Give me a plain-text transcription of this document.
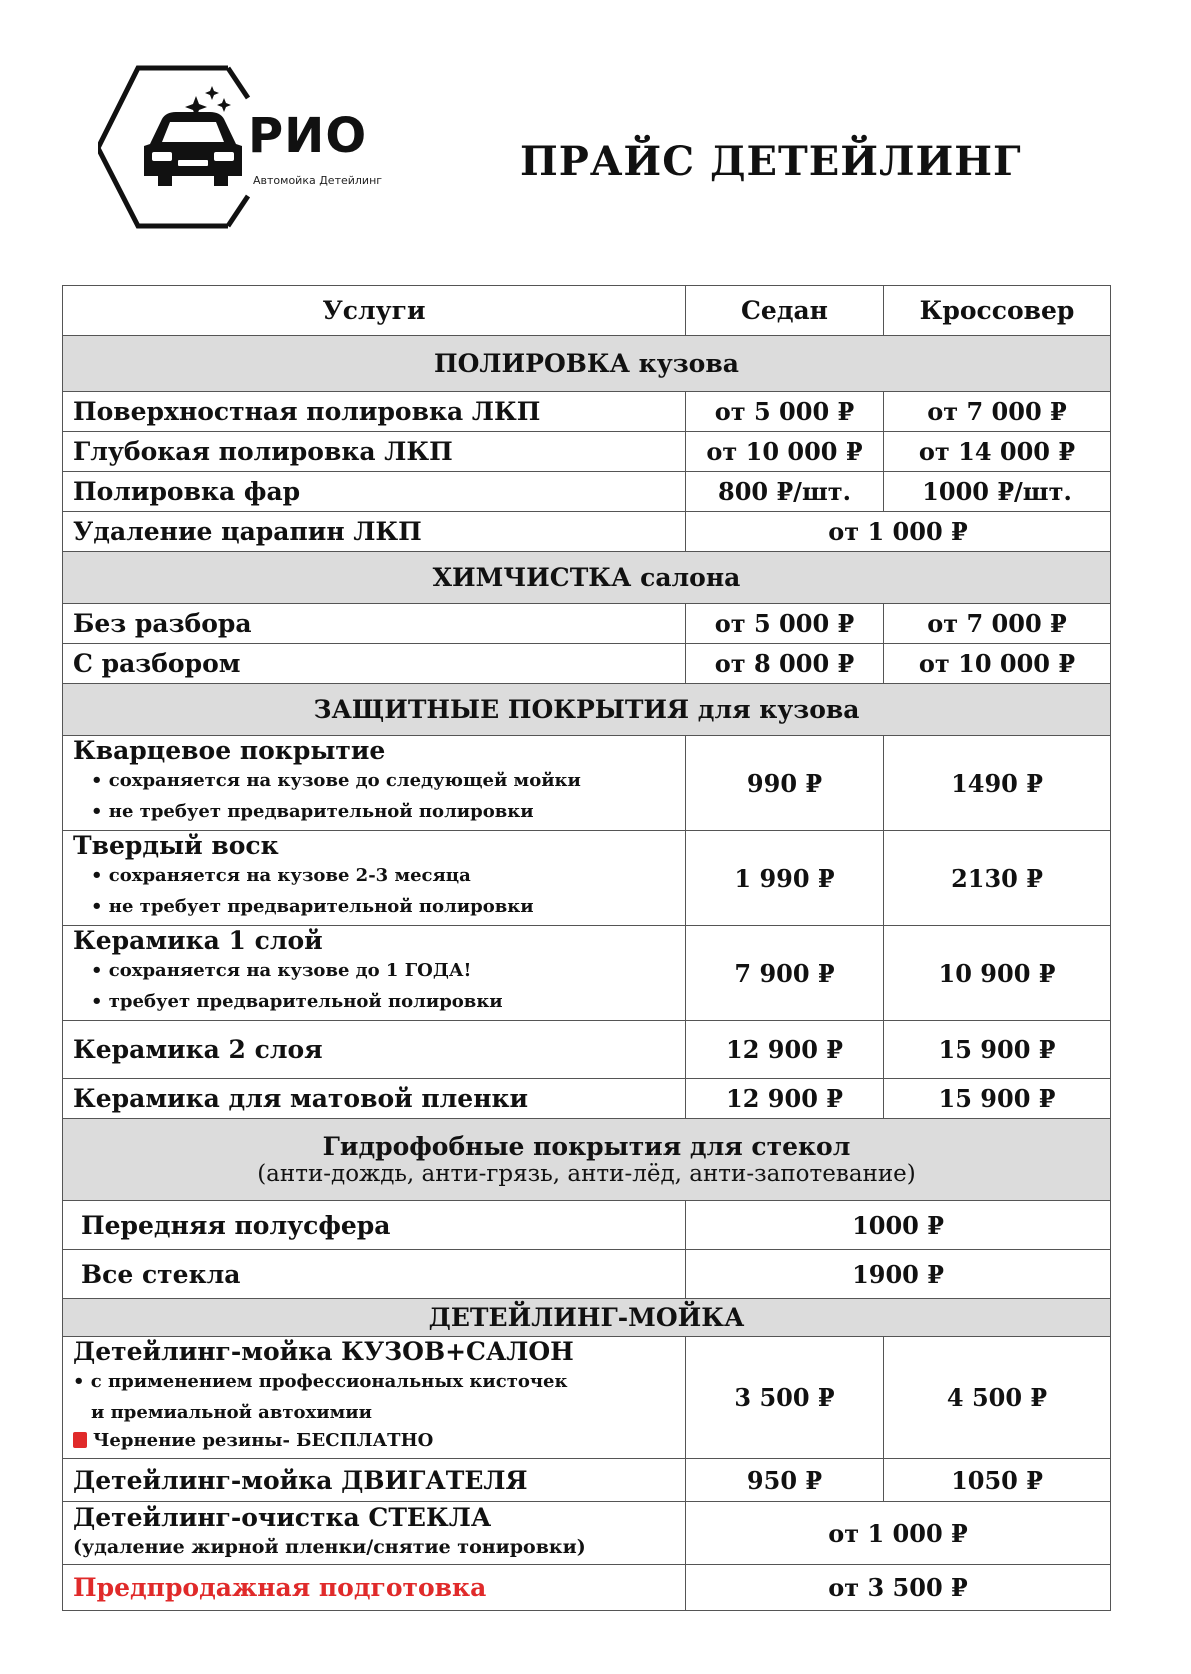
РИО
Автомойка Детейлинг	ПРАЙС ДЕТЕЙЛИНГ
Услуги	Седан	Кроссовер
ПОЛИРОВКА кузова		
Поверхностная полировка ЛКП	от 5 000 ₽	от 7 000 ₽
Глубокая полировка ЛКП	от 10 000 ₽	от 14 000 ₽
Полировка фар	800 ₽/шт.	1000 ₽/шт.
Удаление царапин ЛКП	от 1 000 ₽	
ХИМЧИСТКА салона		
Без разбора	от 5 000 ₽	от 7 000 ₽
С разбором	от 8 000 ₽	от 10 000 ₽
ЗАЩИТНЫЕ ПОКРЫТИЯ для кузова		

Кварцевое покрытие
• сохраняется на кузове до следующей мойки
• не требует предварительной полировки	990 ₽	1490 ₽

Твердый воск
• сохраняется на кузове 2-3 месяца
• не требует предварительной полировки	1 990 ₽	2130 ₽

Керамика 1 слой
• сохраняется на кузове до 1 ГОДА!
• требует предварительной полировки	7 900 ₽	10 900 ₽
Керамика 2 слоя	12 900 ₽	15 900 ₽
Керамика для матовой пленки	12 900 ₽	15 900 ₽

Гидрофобные покрытия для стекол
(анти-дождь, анти-грязь, анти-лёд, анти-запотевание)		

Передняя полусфера	1000 ₽	
Все стекла	1900 ₽	
ДЕТЕЙЛИНГ-МОЙКА		

Детейлинг-мойка КУЗОВ+САЛОН
• с применением профессиональных кисточек
и премиальной автохимии
Чернение резины- БЕСПЛАТНО	3 500 ₽	4 500 ₽
Детейлинг-мойка ДВИГАТЕЛЯ	950 ₽	1050 ₽

Детейлинг-очистка СТЕКЛА
(удаление жирной пленки/снятие тонировки)	от 1 000 ₽	
Предпродажная подготовка	от 3 500 ₽	
